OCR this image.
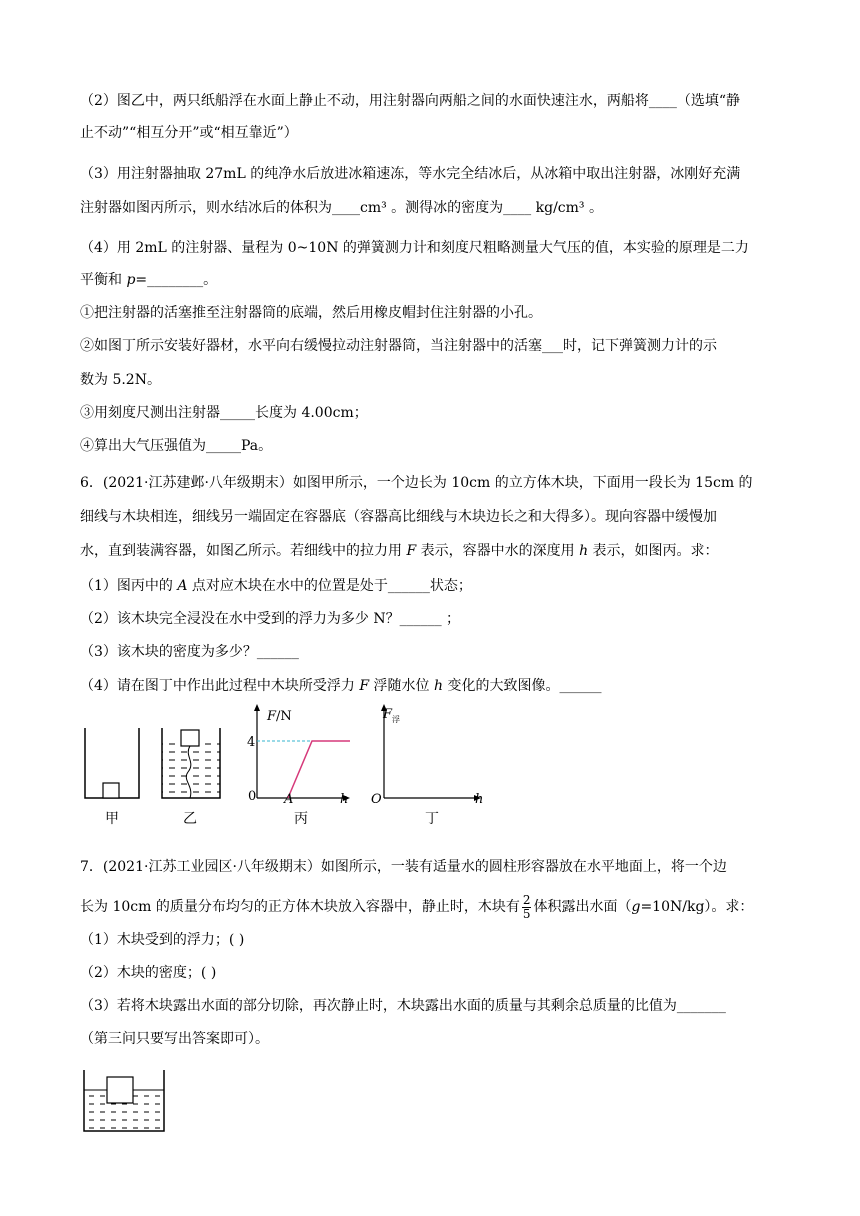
（2）图乙中，两只纸船浮在水面上静止不动，用注射器向两船之间的水面快速注水，两船将____（选填“静
止不动”“相互分开”或“相互靠近”）
（3）用注射器抽取 27mL 的纯净水后放进冰箱速冻，等水完全结冰后，从冰箱中取出注射器，冰刚好充满
注射器如图丙所示，则水结冰后的体积为____cm³ 。测得冰的密度为____ kg/cm³ 。
（4）用 2mL 的注射器、量程为 0~10N 的弹簧测力计和刻度尺粗略测量大气压的值，本实验的原理是二力
平衡和 p=________。
①把注射器的活塞推至注射器筒的底端，然后用橡皮帽封住注射器的小孔。
②如图丁所示安装好器材，水平向右缓慢拉动注射器筒，当注射器中的活塞___时，记下弹簧测力计的示
数为 5.2N。
③用刻度尺测出注射器_____长度为 4.00cm；
④算出大气压强值为_____Pa。
6．(2021·江苏建邺·八年级期末）如图甲所示，一个边长为 10cm 的立方体木块，下面用一段长为 15cm 的
细线与木块相连，细线另一端固定在容器底（容器高比细线与木块边长之和大得多）。现向容器中缓慢加
水，直到装满容器，如图乙所示。若细线中的拉力用 F 表示，容器中水的深度用 h 表示，如图丙。求：
（1）图丙中的 A 点对应木块在水中的位置是处于______状态；
（2）该木块完全浸没在水中受到的浮力为多少 N？______ ；
（3）该木块的密度为多少？______
（4）请在图丁中作出此过程中木块所受浮力 F 浮随水位 h 变化的大致图像。______
甲	乙
F/N
4
0 A	h
丙
F 浮
O	h
丁
7．(2021·江苏工业园区·八年级期末）如图所示，一装有适量水的圆柱形容器放在水平地面上，将一个边
长为 10cm 的质量分布均匀的正方体木块放入容器中，静止时，木块有 $\frac{2}{5}$ 体积露出水面（g=10N/kg）。求：
（1）木块受到的浮力；( )
（2）木块的密度；( )
（3）若将木块露出水面的部分切除，再次静止时，木块露出水面的质量与其剩余总质量的比值为_______
（第三问只要写出答案即可）。
